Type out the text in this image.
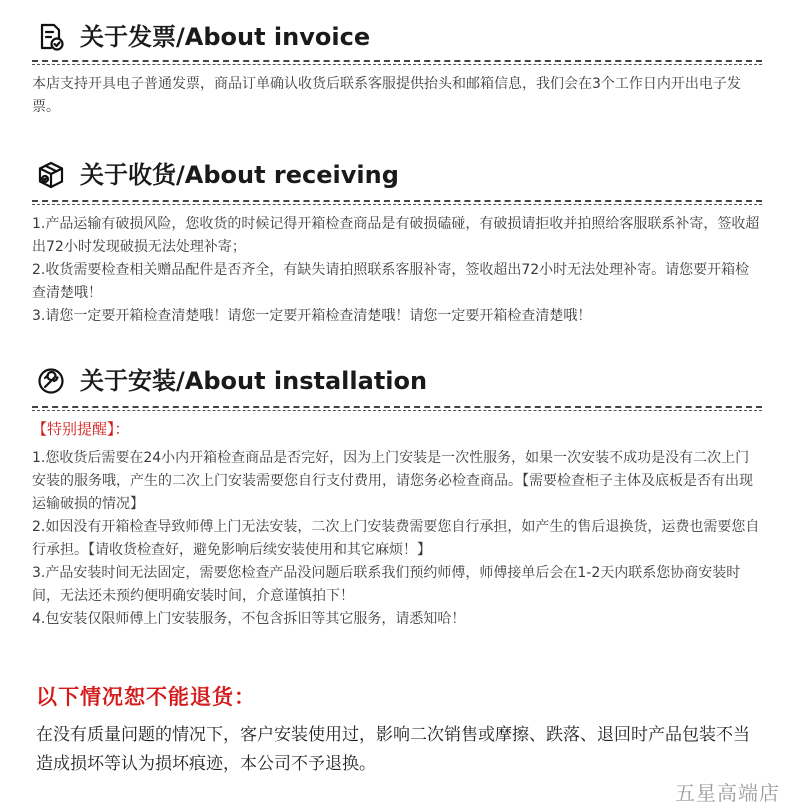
关于发票/About invoice

本店支持开具电子普通发票，商品订单确认收货后联系客服提供抬头和邮箱信息，我们会在3个工作日内开出电子发票。

关于收货/About receiving

1.产品运输有破损风险，您收货的时候记得开箱检查商品是有破损磕碰，有破损请拒收并拍照给客服联系补寄，签收超出72小时发现破损无法处理补寄；

2.收货需要检查相关赠品配件是否齐全，有缺失请拍照联系客服补寄，签收超出72小时无法处理补寄。请您要开箱检查清楚哦！

3.请您一定要开箱检查清楚哦！请您一定要开箱检查清楚哦！请您一定要开箱检查清楚哦！

关于安装/About installation

【特别提醒】：

1.您收货后需要在24小内开箱检查商品是否完好，因为上门安装是一次性服务，如果一次安装不成功是没有二次上门安装的服务哦，产生的二次上门安装需要您自行支付费用，请您务必检查商品。【需要检查柜子主体及底板是否有出现运输破损的情况】

2.如因没有开箱检查导致师傅上门无法安装，二次上门安装费需要您自行承担，如产生的售后退换货，运费也需要您自行承担。【请收货检查好，避免影响后续安装使用和其它麻烦！】

3.产品安装时间无法固定，需要您检查产品没问题后联系我们预约师傅，师傅接单后会在1-2天内联系您协商安装时间，无法还未预约便明确安装时间，介意谨慎拍下！

4.包安装仅限师傅上门安装服务，不包含拆旧等其它服务，请悉知哈！

以下情况恕不能退货：

在没有质量问题的情况下，客户安装使用过，影响二次销售或摩擦、跌落、退回时产品包装不当造成损坏等认为损坏痕迹，本公司不予退换。

五星高端店
